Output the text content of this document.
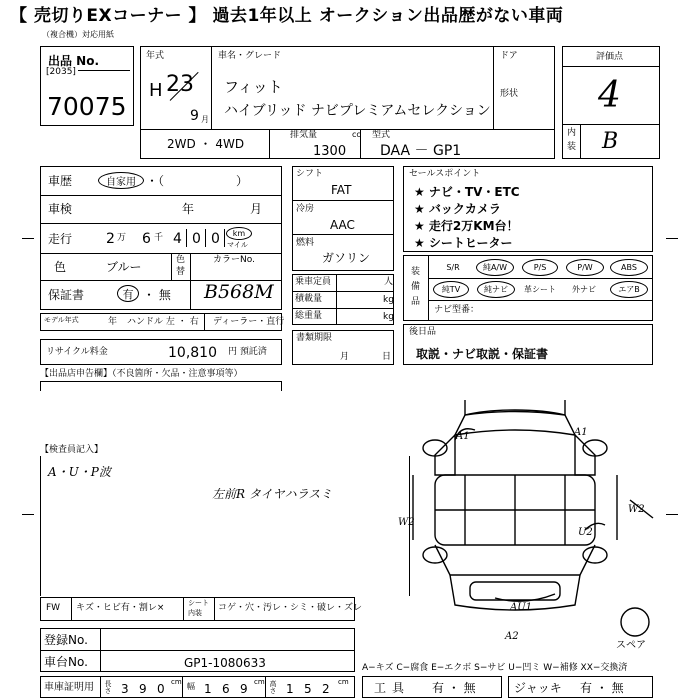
【 売切りEXコーナー 】 過去1年以上 オークション出品歴がない車両
（複合機）対応用紙
出品 No.
[2035]
70075
年式
H 23
9 月
車名・グレード
フィット
ハイブリッド ナビプレミアムセレクション
ドア
形状
2WD ・ 4WD
排気量	cc
1300
型式
DAA － GP1
評価点
4
内
装 B
車歴	自家用 ・（　　　　　　）
車検	年	月
走行 2 万 6 千 4 0 0	km
マイル
色	ブルー	色
替
カラーNo.
保証書	有 ・ 無 B568M
モデル年式	年 ハンドル 左 ・ 右 ディーラー・直行
リサイクル料金	10,810 円 預託済
【出品店申告欄】（不良箇所・欠品・注意事項等）
シフト
FAT
冷房
AAC
燃料
ガソリン
乗車定員	人
積載量	kg
総重量	kg
書類期限
月	日
セールスポイント
★ ナビ・TV・ETC
★ バックカメラ
★ 走行2万KM台！
★ シートヒーター
装
備
品
S/R	純A/W	P/S	P/W	ABS
純TV	純ナビ	革シート	外ナビ	エアB
ナビ型番：
後日品
取説・ナビ取説・保証書
【検査員記入】
A・U・P波
左前R タイヤハラスミ
A1	A1
W2
W2
U2
AU1
A2
スペア
FW キズ・ヒビ有・割レ×	シート
内装 コゲ・穴・汚レ・シミ・破レ・ズレ
登録No.
車台No.	GP1-1080633
車庫証明用 長さ 3 9 0 cm 幅 1 6 9 cm 高さ 1 5 2 cm
A−キズ C−腐食 E−エクボ S−サビ U−凹ミ W−補修 XX−交換済
工具 有 ・ 無	ジャッキ 有 ・ 無
